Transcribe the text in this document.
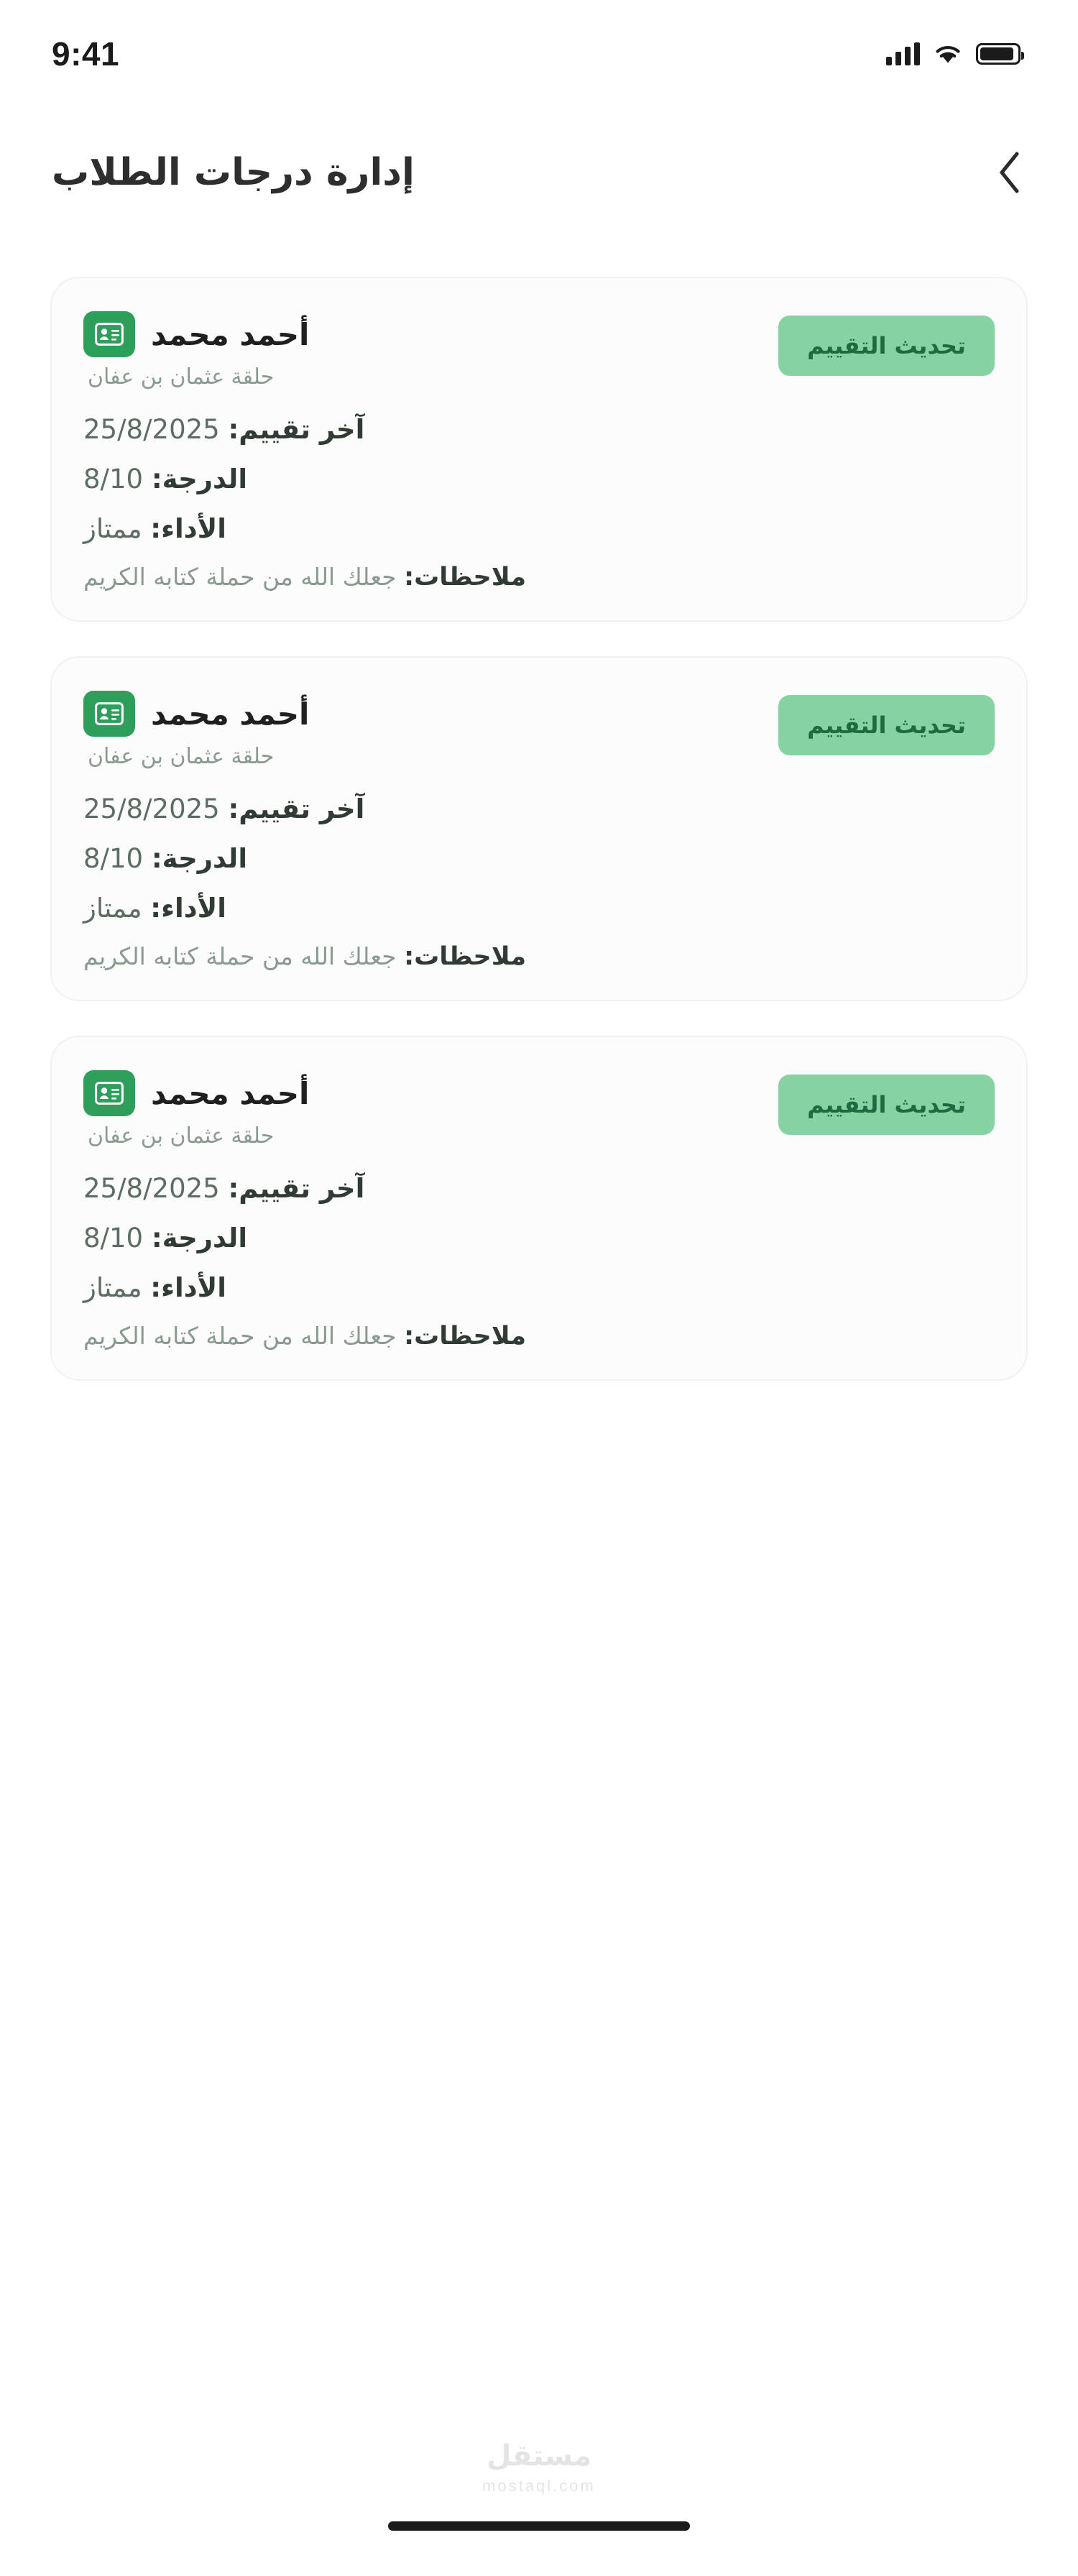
9:41
إدارة درجات الطلاب
تحديث التقييم
أحمد محمد
حلقة عثمان بن عفان
آخر تقييم: 25/8/2025
الدرجة: 8/10
الأداء: ممتاز
ملاحظات: جعلك الله من حملة كتابه الكريم
تحديث التقييم
أحمد محمد
حلقة عثمان بن عفان
آخر تقييم: 25/8/2025
الدرجة: 8/10
الأداء: ممتاز
ملاحظات: جعلك الله من حملة كتابه الكريم
تحديث التقييم
أحمد محمد
حلقة عثمان بن عفان
آخر تقييم: 25/8/2025
الدرجة: 8/10
الأداء: ممتاز
ملاحظات: جعلك الله من حملة كتابه الكريم
مستقل
mostaql.com
